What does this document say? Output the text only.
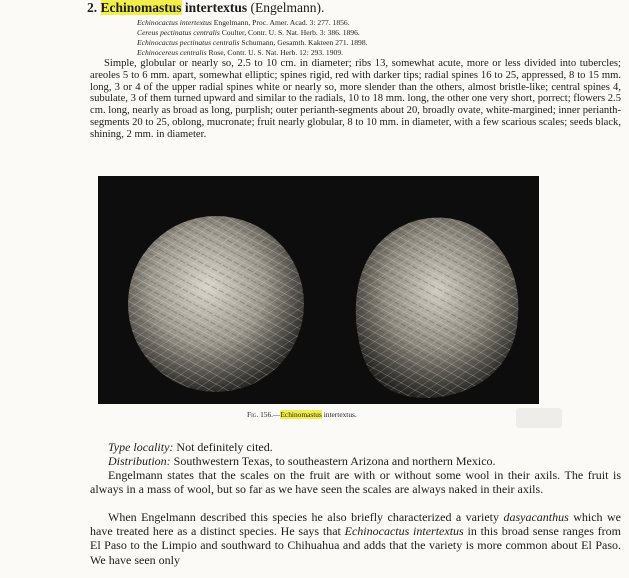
2. Echinomastus intertextus (Engelmann).
Echinocactus intertextus Engelmann, Proc. Amer. Acad. 3: 277. 1856.
Cereus pectinatus centralis Coulter, Contr. U. S. Nat. Herb. 3: 386. 1896.
Echinocactus pectinatus centralis Schumann, Gesamth. Kakteen 271. 1898.
Echinocereus centralis Rose, Contr. U. S. Nat. Herb. 12: 293. 1909.

Simple, globular or nearly so, 2.5 to 10 cm. in diameter; ribs 13, somewhat acute, more or less divided into tubercles; areoles 5 to 6 mm. apart, somewhat elliptic; spines rigid, red with darker tips; radial spines 16 to 25, appressed, 8 to 15 mm. long, 3 or 4 of the upper radial spines white or nearly so, more slender than the others, almost bristle-like; central spines 4, subulate, 3 of them turned upward and similar to the radials, 10 to 18 mm. long, the other one very short, porrect; flowers 2.5 cm. long, nearly as broad as long, purplish; outer perianth-segments about 20, broadly ovate, white-margined; inner perianth-segments 20 to 25, oblong, mucronate; fruit nearly globular, 8 to 10 mm. in diameter, with a few scarious scales; seeds black, shining, 2 mm. in diameter.

Fig. 156.—Echinomastus intertextus.

Type locality: Not definitely cited.

Distribution: Southwestern Texas, to southeastern Arizona and northern Mexico.

Engelmann states that the scales on the fruit are with or without some wool in their axils. The fruit is always in a mass of wool, but so far as we have seen the scales are always naked in their axils.

When Engelmann described this species he also briefly characterized a variety dasyacanthus which we have treated here as a distinct species. He says that Echinocactus intertextus in this broad sense ranges from El Paso to the Limpio and southward to Chihuahua and adds that the variety is more common about El Paso. We have seen only
